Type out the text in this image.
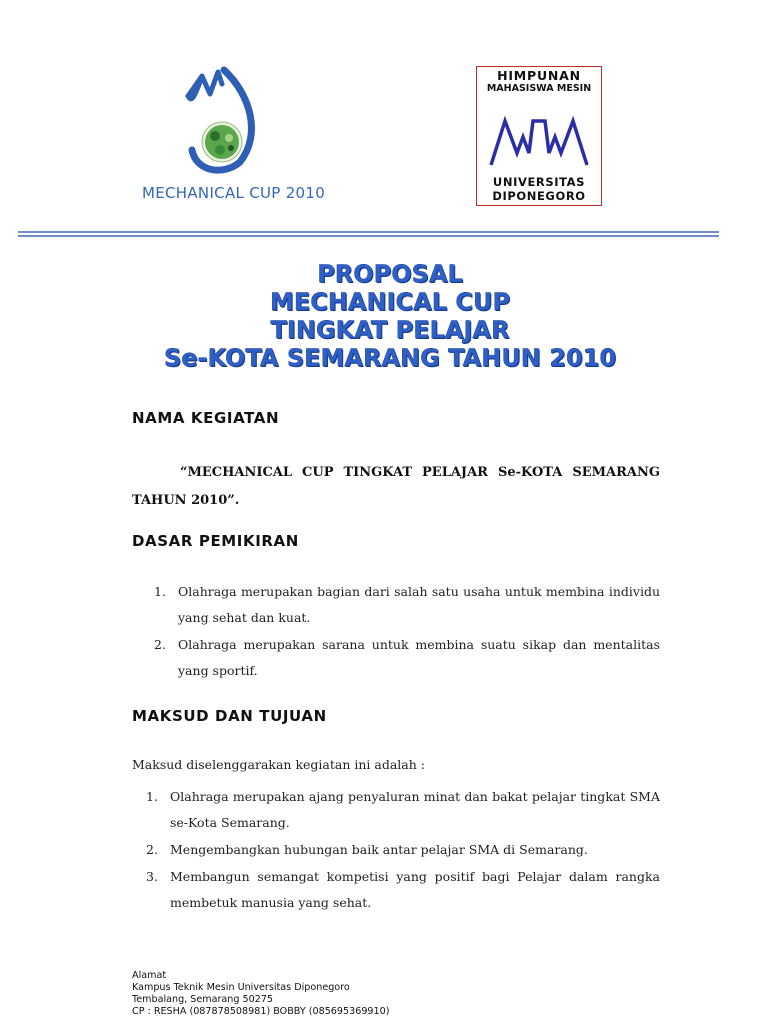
MECHANICAL CUP 2010
HIMPUNAN
MAHASISWA MESIN
UNIVERSITAS
DIPONEGORO
PROPOSAL
MECHANICAL CUP
TINGKAT PELAJAR
Se-KOTA SEMARANG TAHUN 2010
NAMA KEGIATAN
“MECHANICAL CUP TINGKAT PELAJAR Se-KOTA SEMARANG TAHUN 2010”.
DASAR PEMIKIRAN
1. Olahraga merupakan bagian dari salah satu usaha untuk membina individu yang sehat dan kuat.
2. Olahraga merupakan sarana untuk membina suatu sikap dan mentalitas yang sportif.
MAKSUD DAN TUJUAN
Maksud diselenggarakan kegiatan ini adalah :
1. Olahraga merupakan ajang penyaluran minat dan bakat pelajar tingkat SMA se-Kota Semarang.
2. Mengembangkan hubungan baik antar pelajar SMA di Semarang.
3. Membangun semangat kompetisi yang positif bagi Pelajar dalam rangka membetuk manusia yang sehat.
Alamat
Kampus Teknik Mesin Universitas Diponegoro
Tembalang, Semarang 50275
CP : RESHA (087878508981) BOBBY (085695369910)
